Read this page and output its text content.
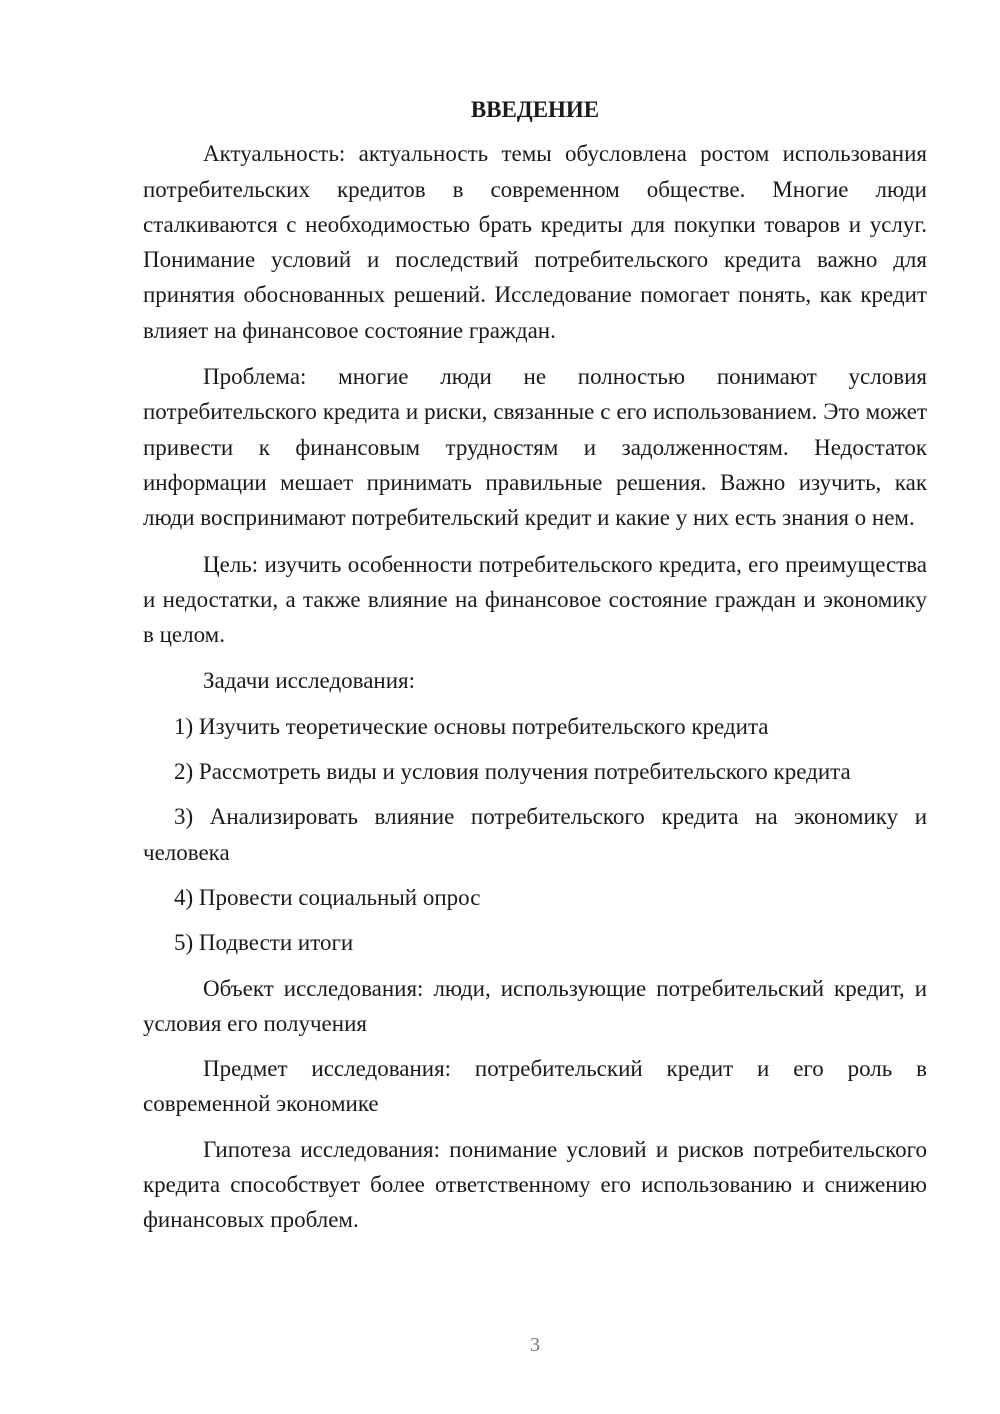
ВВЕДЕНИЕ

Актуальность: актуальность темы обусловлена ростом использования потребительских кредитов в современном обществе. Многие люди сталкиваются с необходимостью брать кредиты для покупки товаров и услуг. Понимание условий и последствий потребительского кредита важно для принятия обоснованных решений. Исследование помогает понять, как кредит влияет на финансовое состояние граждан.

Проблема: многие люди не полностью понимают условия потребительского кредита и риски, связанные с его использованием. Это может привести к финансовым трудностям и задолженностям. Недостаток информации мешает принимать правильные решения. Важно изучить, как люди воспринимают потребительский кредит и какие у них есть знания о нем.

Цель: изучить особенности потребительского кредита, его преимущества и недостатки, а также влияние на финансовое состояние граждан и экономику в целом.

Задачи исследования:

1) Изучить теоретические основы потребительского кредита

2) Рассмотреть виды и условия получения потребительского кредита

3) Анализировать влияние потребительского кредита на экономику и человека

4) Провести социальный опрос

5) Подвести итоги

Объект исследования: люди, использующие потребительский кредит, и условия его получения

Предмет исследования: потребительский кредит и его роль в современной экономике

Гипотеза исследования: понимание условий и рисков потребительского кредита способствует более ответственному его использованию и снижению финансовых проблем.

3
